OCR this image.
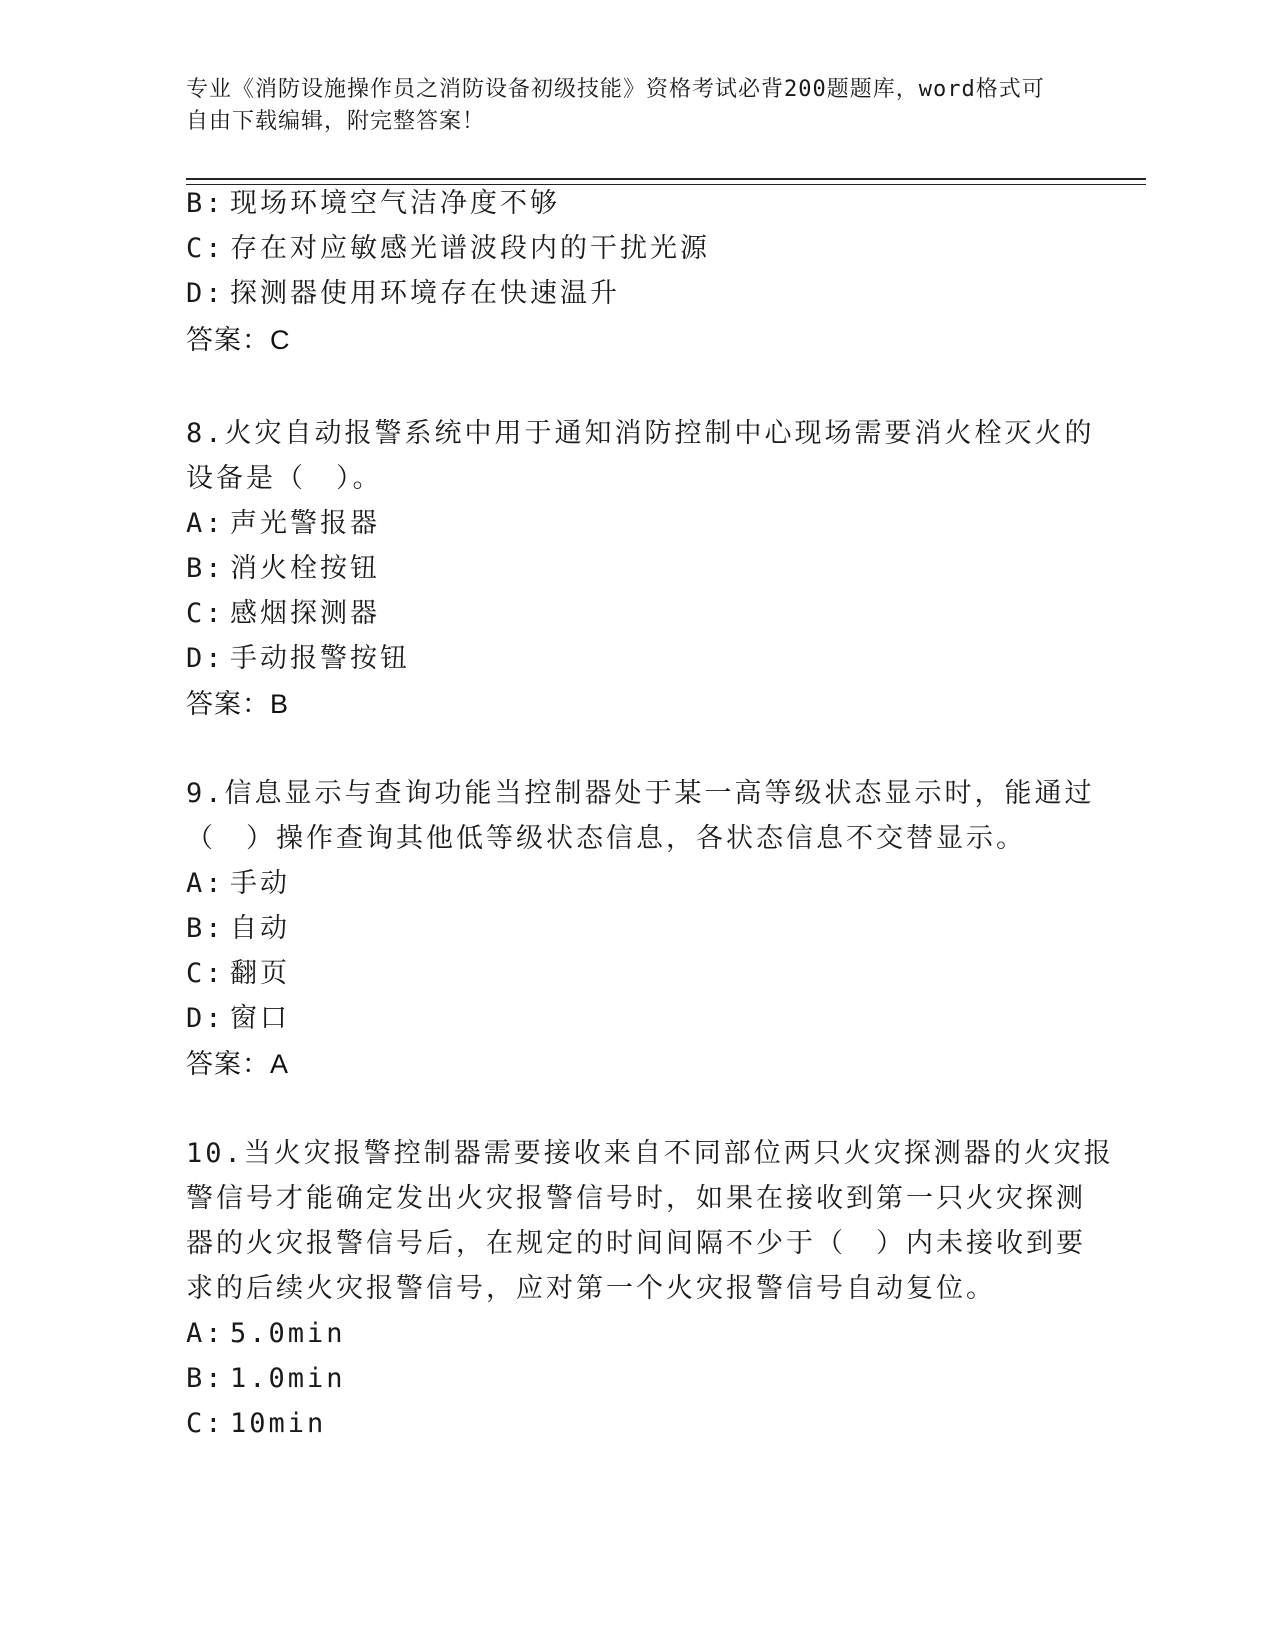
专业《消防设施操作员之消防设备初级技能》资格考试必背200题题库，word格式可自由下载编辑，附完整答案！
B: 现场环境空气洁净度不够
C: 存在对应敏感光谱波段内的干扰光源
D: 探测器使用环境存在快速温升
答案：C
8.火灾自动报警系统中用于通知消防控制中心现场需要消火栓灭火的
设备是（　）。
A: 声光警报器
B: 消火栓按钮
C: 感烟探测器
D: 手动报警按钮
答案：B
9.信息显示与查询功能当控制器处于某一高等级状态显示时，能通过
（　）操作查询其他低等级状态信息，各状态信息不交替显示。
A: 手动
B: 自动
C: 翻页
D: 窗口
答案：A
10.当火灾报警控制器需要接收来自不同部位两只火灾探测器的火灾报
警信号才能确定发出火灾报警信号时，如果在接收到第一只火灾探测
器的火灾报警信号后，在规定的时间间隔不少于（　）内未接收到要
求的后续火灾报警信号，应对第一个火灾报警信号自动复位。
A: 5.0min
B: 1.0min
C: 10min
